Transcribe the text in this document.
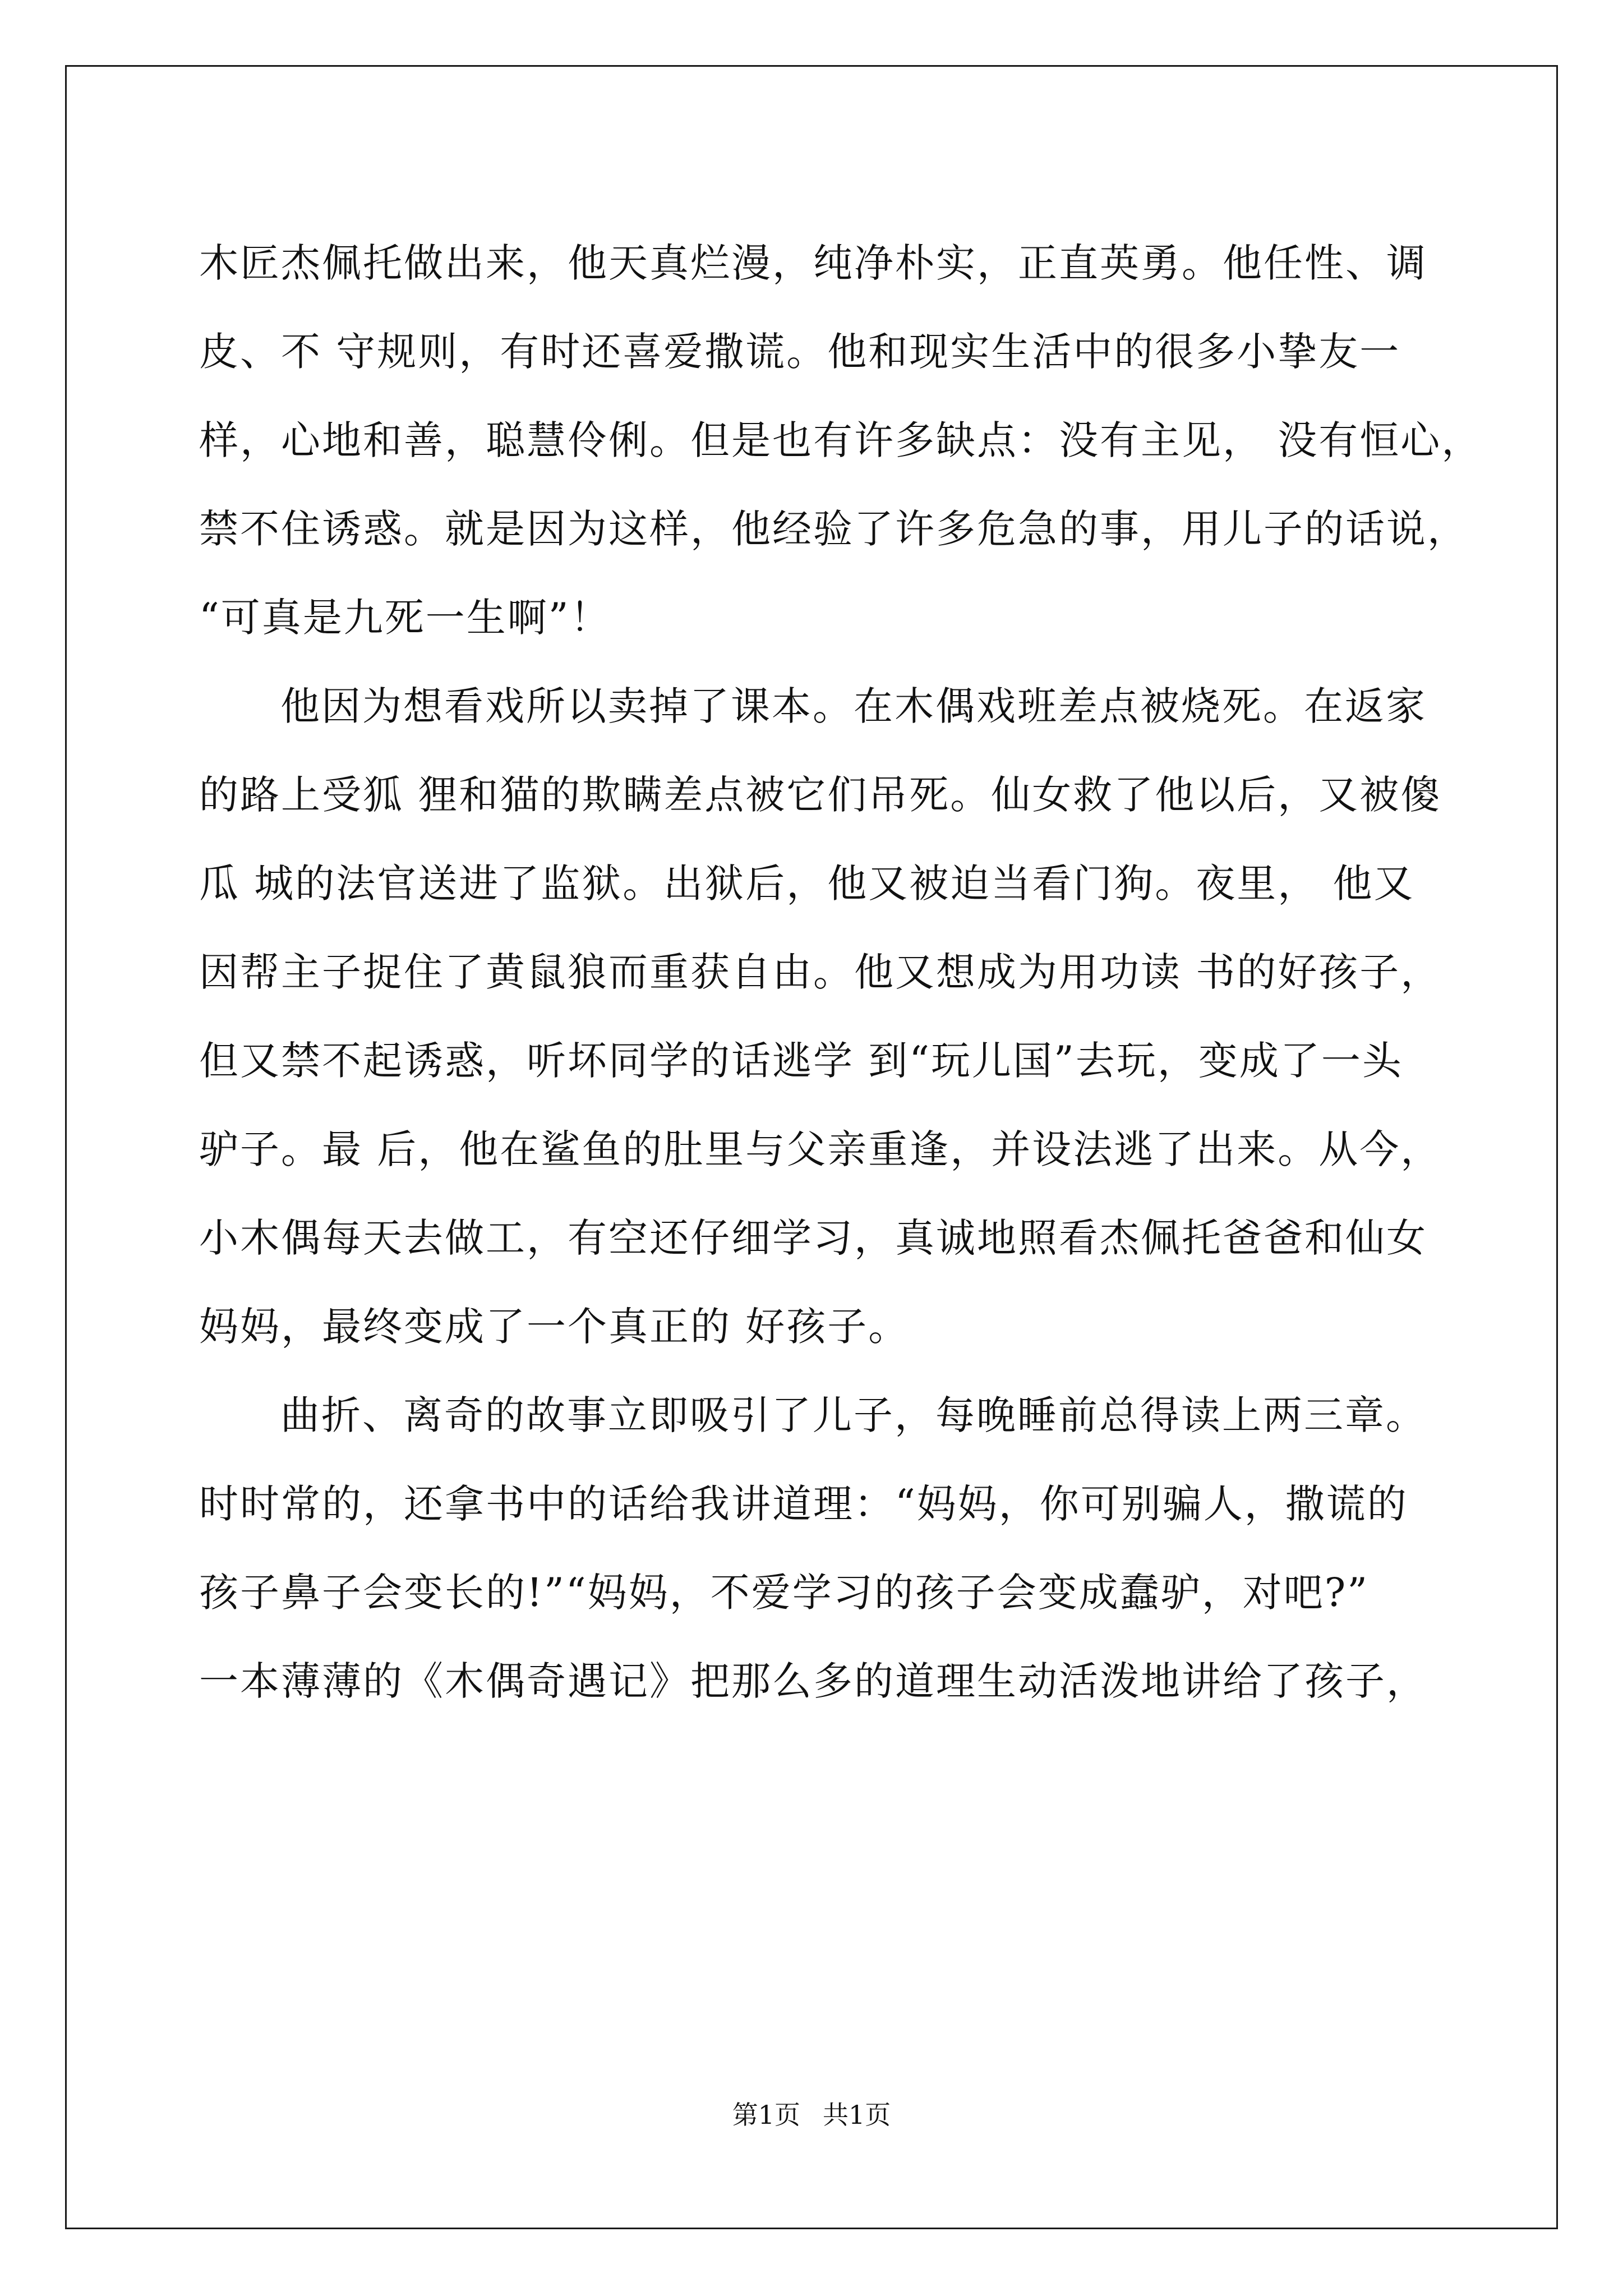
木匠杰佩托做出来，他天真烂漫，纯净朴实，正直英勇。他任性、调
皮、不 守规则，有时还喜爱撒谎。他和现实生活中的很多小挚友一
样，心地和善，聪慧伶俐。但是也有许多缺点：没有主见， 没有恒心，
禁不住诱惑。就是因为这样，他经验了许多危急的事，用儿子的话说，
“可真是九死一生啊”！
他因为想看戏所以卖掉了课本。在木偶戏班差点被烧死。在返家
的路上受狐 狸和猫的欺瞒差点被它们吊死。仙女救了他以后，又被傻
瓜 城的法官送进了监狱。出狱后，他又被迫当看门狗。夜里， 他又
因帮主子捉住了黄鼠狼而重获自由。他又想成为用功读 书的好孩子，
但又禁不起诱惑，听坏同学的话逃学 到“玩儿国”去玩，变成了一头
驴子。最 后，他在鲨鱼的肚里与父亲重逢，并设法逃了出来。从今，
小木偶每天去做工，有空还仔细学习，真诚地照看杰佩托爸爸和仙女
妈妈，最终变成了一个真正的 好孩子。
曲折、离奇的故事立即吸引了儿子，每晚睡前总得读上两三章。
时时常的，还拿书中的话给我讲道理：“妈妈，你可别骗人，撒谎的
孩子鼻子会变长的!”“妈妈，不爱学习的孩子会变成蠢驴，对吧?”
一本薄薄的《木偶奇遇记》把那么多的道理生动活泼地讲给了孩子，
第1页 共1页
